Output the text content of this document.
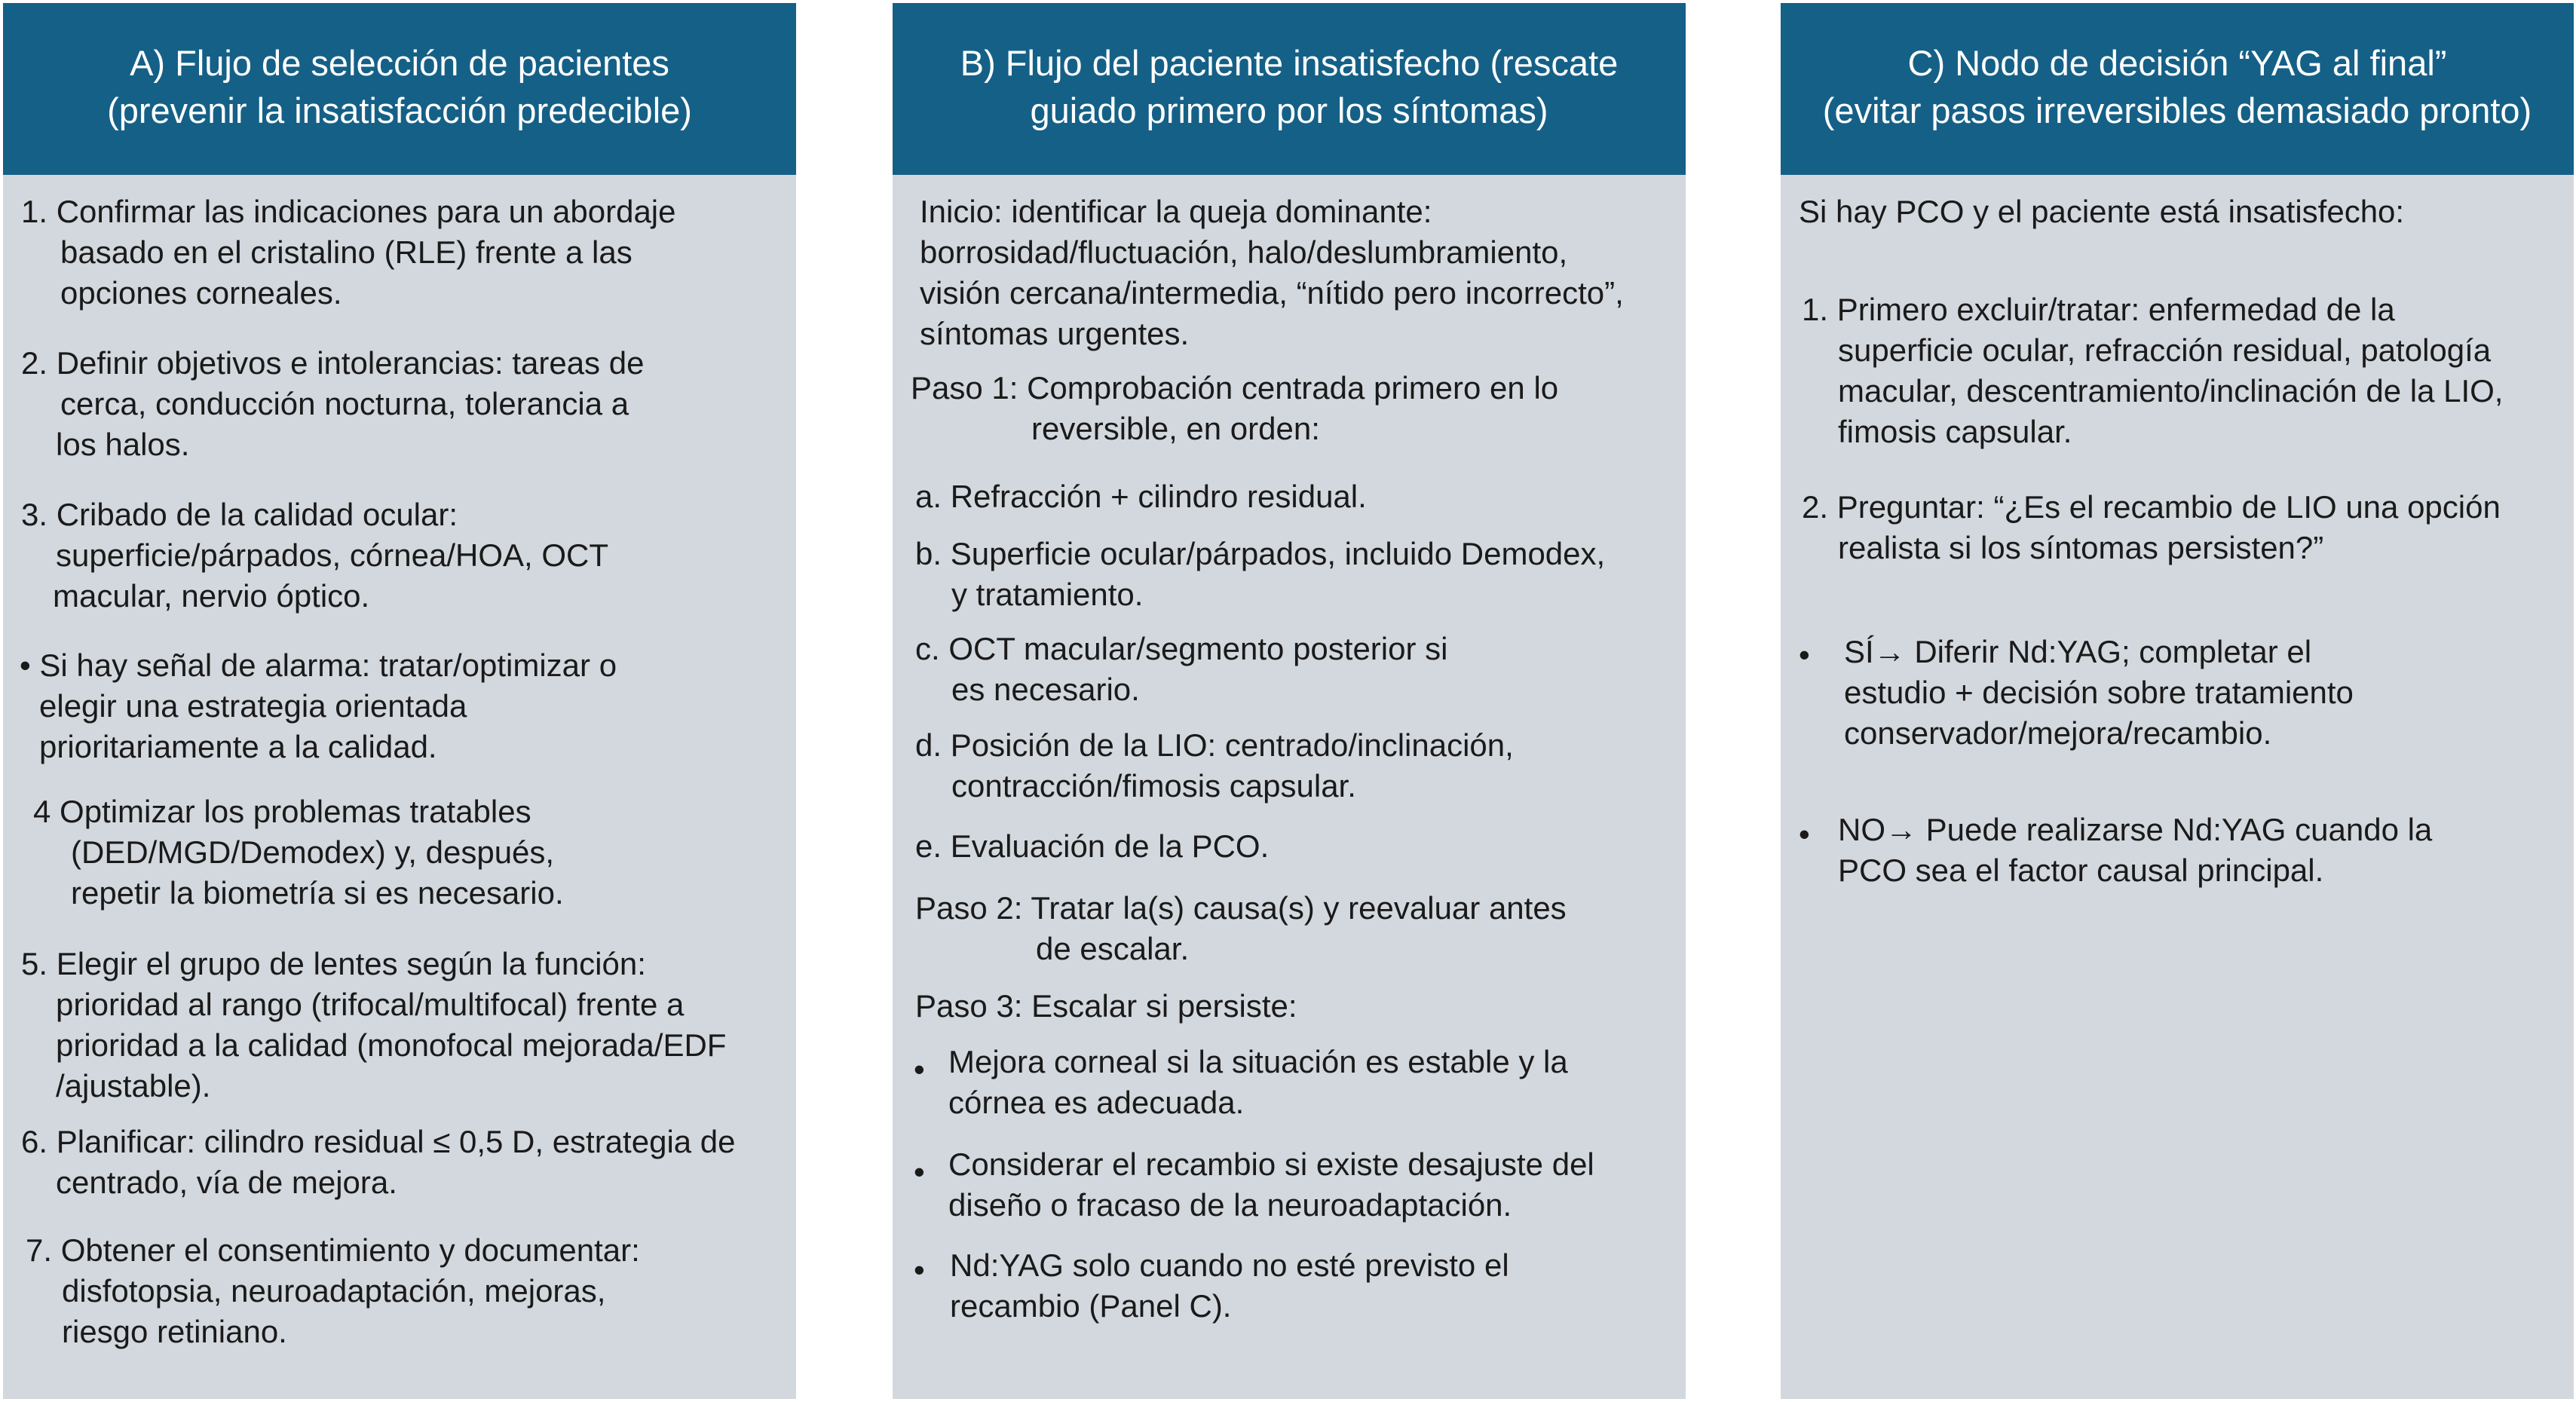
A) Flujo de selección de pacientes
(prevenir la insatisfacción predecible)
1. Confirmar las indicaciones para un abordaje
basado en el cristalino (RLE) frente a las
opciones corneales.
2. Definir objetivos e intolerancias: tareas de
cerca, conducción nocturna, tolerancia a
los halos.
3. Cribado de la calidad ocular:
superficie/párpados, córnea/HOA, OCT
macular, nervio óptico.
• Si hay señal de alarma: tratar/optimizar o
elegir una estrategia orientada
prioritariamente a la calidad.
4 Optimizar los problemas tratables
(DED/MGD/Demodex) y, después,
repetir la biometría si es necesario.
5. Elegir el grupo de lentes según la función:
prioridad al rango (trifocal/multifocal) frente a
prioridad a la calidad (monofocal mejorada/EDF
/ajustable).
6. Planificar: cilindro residual ≤ 0,5 D, estrategia de
centrado, vía de mejora.
7. Obtener el consentimiento y documentar:
disfotopsia, neuroadaptación, mejoras,
riesgo retiniano.
B) Flujo del paciente insatisfecho (rescate
guiado primero por los síntomas)
Inicio: identificar la queja dominante:
borrosidad/fluctuación, halo/deslumbramiento,
visión cercana/intermedia, “nítido pero incorrecto”,
síntomas urgentes.
Paso 1: Comprobación centrada primero en lo
reversible, en orden:
a. Refracción + cilindro residual.
b. Superficie ocular/párpados, incluido Demodex,
y tratamiento.
c. OCT macular/segmento posterior si
es necesario.
d. Posición de la LIO: centrado/inclinación,
contracción/fimosis capsular.
e. Evaluación de la PCO.
Paso 2: Tratar la(s) causa(s) y reevaluar antes
de escalar.
Paso 3: Escalar si persiste:
• Mejora corneal si la situación es estable y la
córnea es adecuada.
• Considerar el recambio si existe desajuste del
diseño o fracaso de la neuroadaptación.
• Nd:YAG solo cuando no esté previsto el
recambio (Panel C).
C) Nodo de decisión “YAG al final”
(evitar pasos irreversibles demasiado pronto)
Si hay PCO y el paciente está insatisfecho:
1. Primero excluir/tratar: enfermedad de la
superficie ocular, refracción residual, patología
macular, descentramiento/inclinación de la LIO,
fimosis capsular.
2. Preguntar: “¿Es el recambio de LIO una opción
realista si los síntomas persisten?”
• SÍ→ Diferir Nd:YAG; completar el
estudio + decisión sobre tratamiento
conservador/mejora/recambio.
• NO→ Puede realizarse Nd:YAG cuando la
PCO sea el factor causal principal.
